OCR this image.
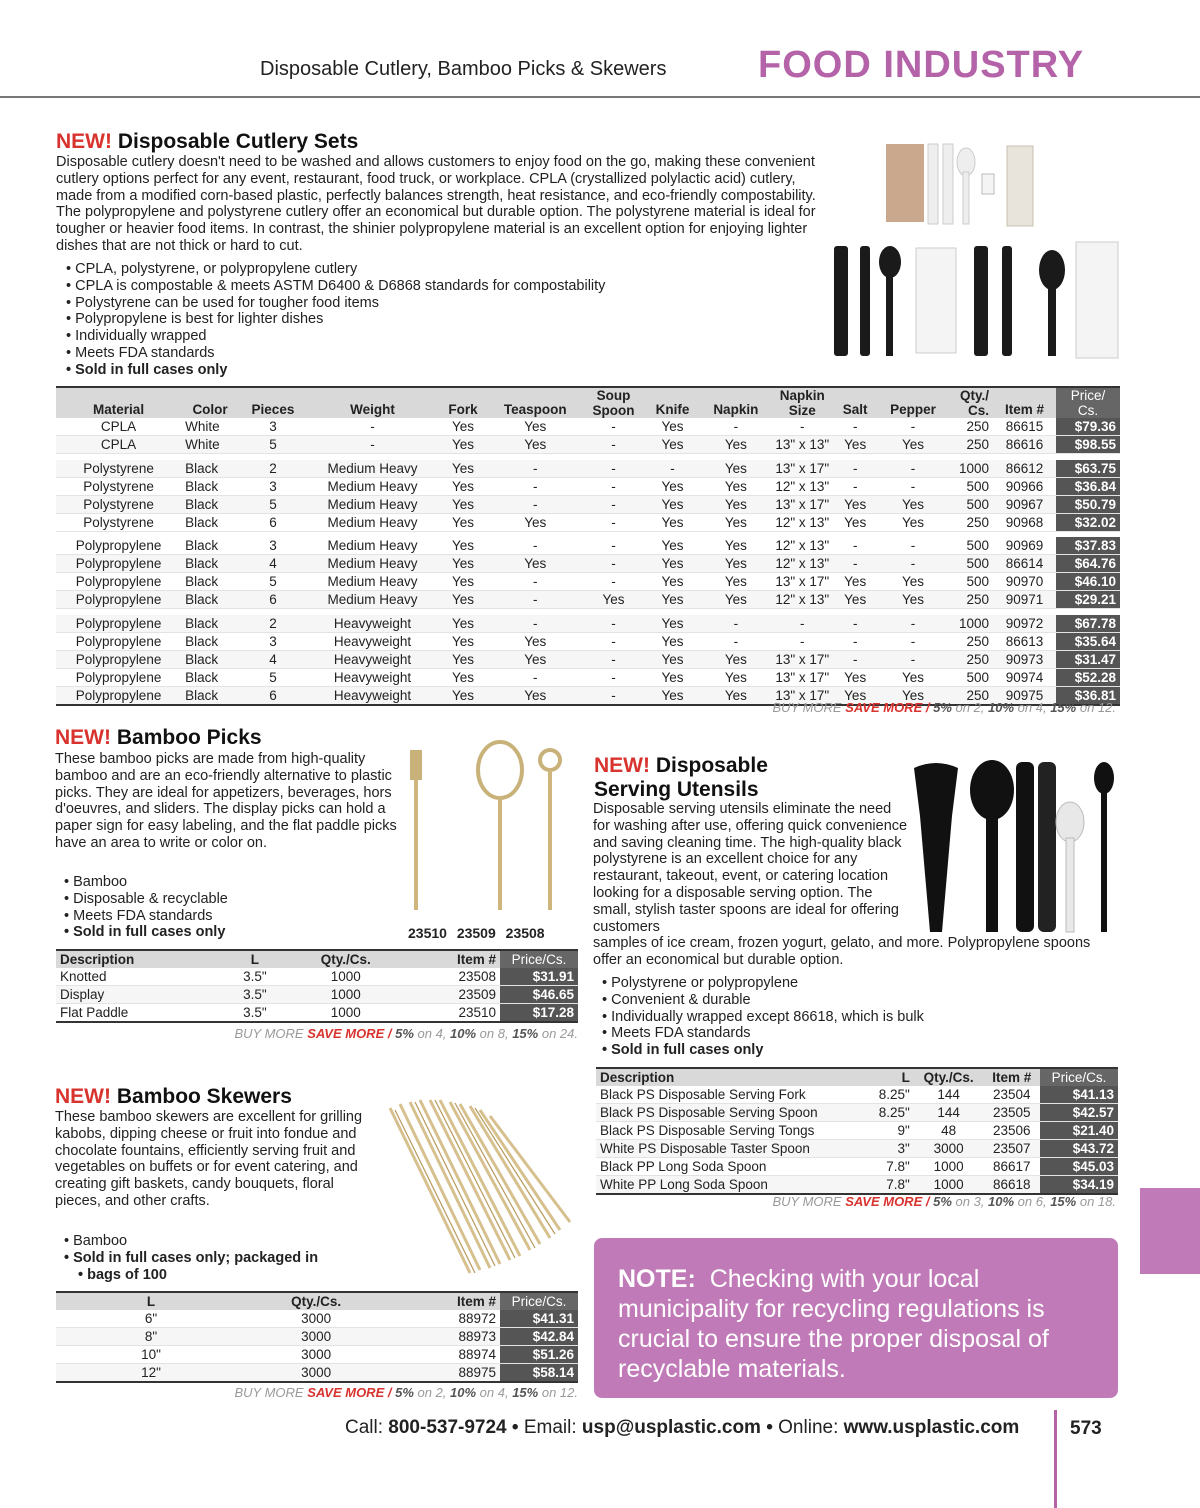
Disposable Cutlery, Bamboo Picks & Skewers FOOD INDUSTRY
NEW! Disposable Cutlery Sets
Disposable cutlery doesn't need to be washed and allows customers to enjoy food on the go, making these convenient cutlery options perfect for any event, restaurant, food truck, or workplace. CPLA (crystallized polylactic acid) cutlery, made from a modified corn-based plastic, perfectly balances strength, heat resistance, and eco-friendly compostability. The polypropylene and polystyrene cutlery offer an economical but durable option. The polystyrene material is ideal for tougher or heavier food items. In contrast, the shinier polypropylene material is an excellent option for enjoying lighter dishes that are not thick or hard to cut.
• CPLA, polystyrene, or polypropylene cutlery
• CPLA is compostable & meets ASTM D6400 & D6868 standards for compostability
• Polystyrene can be used for tougher food items
• Polypropylene is best for lighter dishes
• Individually wrapped
• Meets FDA standards
• Sold in full cases only
Material	Color	Pieces	Weight	Fork	Teaspoon	Soup Spoon	Knife	Napkin	Napkin Size	Salt	Pepper	Qty./ Cs.	Item #	Price/ Cs.
CPLA	White	3	-	Yes	Yes	-	Yes	-	-	-	-	250	86615	$79.36
CPLA	White	5	-	Yes	Yes	-	Yes	Yes	13" x 13"	Yes	Yes	250	86616	$98.55

Polystyrene	Black	2	Medium Heavy	Yes	-	-	-	Yes	13" x 17"	-	-	1000	86612	$63.75
Polystyrene	Black	3	Medium Heavy	Yes	-	-	Yes	Yes	12" x 13"	-	-	500	90966	$36.84
Polystyrene	Black	5	Medium Heavy	Yes	-	-	Yes	Yes	13" x 17"	Yes	Yes	500	90967	$50.79
Polystyrene	Black	6	Medium Heavy	Yes	Yes	-	Yes	Yes	12" x 13"	Yes	Yes	250	90968	$32.02

Polypropylene	Black	3	Medium Heavy	Yes	-	-	Yes	Yes	12" x 13"	-	-	500	90969	$37.83
Polypropylene	Black	4	Medium Heavy	Yes	Yes	-	Yes	Yes	12" x 13"	-	-	500	86614	$64.76
Polypropylene	Black	5	Medium Heavy	Yes	-	-	Yes	Yes	13" x 17"	Yes	Yes	500	90970	$46.10
Polypropylene	Black	6	Medium Heavy	Yes	-	Yes	Yes	Yes	12" x 13"	Yes	Yes	250	90971	$29.21

Polypropylene	Black	2	Heavyweight	Yes	-	-	Yes	-	-	-	-	1000	90972	$67.78
Polypropylene	Black	3	Heavyweight	Yes	Yes	-	Yes	-	-	-	-	250	86613	$35.64
Polypropylene	Black	4	Heavyweight	Yes	Yes	-	Yes	Yes	13" x 17"	-	-	250	90973	$31.47
Polypropylene	Black	5	Heavyweight	Yes	-	-	Yes	Yes	13" x 17"	Yes	Yes	500	90974	$52.28
Polypropylene	Black	6	Heavyweight	Yes	Yes	-	Yes	Yes	13" x 17"	Yes	Yes	250	90975	$36.81
BUY MORE SAVE MORE / 5% on 2, 10% on 4, 15% on 12.
NEW! Bamboo Picks
These bamboo picks are made from high-quality bamboo and are an eco-friendly alternative to plastic picks. They are ideal for appetizers, beverages, hors d'oeuvres, and sliders. The display picks can hold a paper sign for easy labeling, and the flat paddle picks have an area to write or color on.
• Bamboo
• Disposable & recyclable
• Meets FDA standards
• Sold in full cases only	23510 23509 23508
Description	L	Qty./Cs.	Item #	Price/Cs.
Knotted	3.5"	1000	23508	$31.91
Display	3.5"	1000	23509	$46.65
Flat Paddle	3.5"	1000	23510	$17.28
BUY MORE SAVE MORE / 5% on 4, 10% on 8, 15% on 24.
NEW! Bamboo Skewers
These bamboo skewers are excellent for grilling kabobs, dipping cheese or fruit into fondue and chocolate fountains, efficiently serving fruit and vegetables on buffets or for event catering, and creating gift baskets, candy bouquets, floral pieces, and other crafts.
• Bamboo
• Sold in full cases only; packaged in
• bags of 100
L	Qty./Cs.	Item #	Price/Cs.
6"	3000	88972	$41.31
8"	3000	88973	$42.84
10"	3000	88974	$51.26
12"	3000	88975	$58.14
BUY MORE SAVE MORE / 5% on 2, 10% on 4, 15% on 12.
NEW! Disposable
Serving Utensils
Disposable serving utensils eliminate the need for washing after use, offering quick convenience and saving cleaning time. The high-quality black polystyrene is an excellent choice for any restaurant, takeout, event, or catering location looking for a disposable serving option. The small, stylish taster spoons are ideal for offering customers
samples of ice cream, frozen yogurt, gelato, and more. Polypropylene spoons offer an economical but durable option.
• Polystyrene or polypropylene
• Convenient & durable
• Individually wrapped except 86618, which is bulk
• Meets FDA standards
• Sold in full cases only
Description	L	Qty./Cs.	Item #	Price/Cs.
Black PS Disposable Serving Fork	8.25"	144	23504	$41.13
Black PS Disposable Serving Spoon	8.25"	144	23505	$42.57
Black PS Disposable Serving Tongs	9"	48	23506	$21.40
White PS Disposable Taster Spoon	3"	3000	23507	$43.72
Black PP Long Soda Spoon	7.8"	1000	86617	$45.03
White PP Long Soda Spoon	7.8"	1000	86618	$34.19
BUY MORE SAVE MORE / 5% on 3, 10% on 6, 15% on 18.
NOTE: Checking with your local municipality for recycling regulations is crucial to ensure the proper disposal of recyclable materials.
Call: 800-537-9724 • Email: usp@usplastic.com • Online: www.usplastic.com	573
